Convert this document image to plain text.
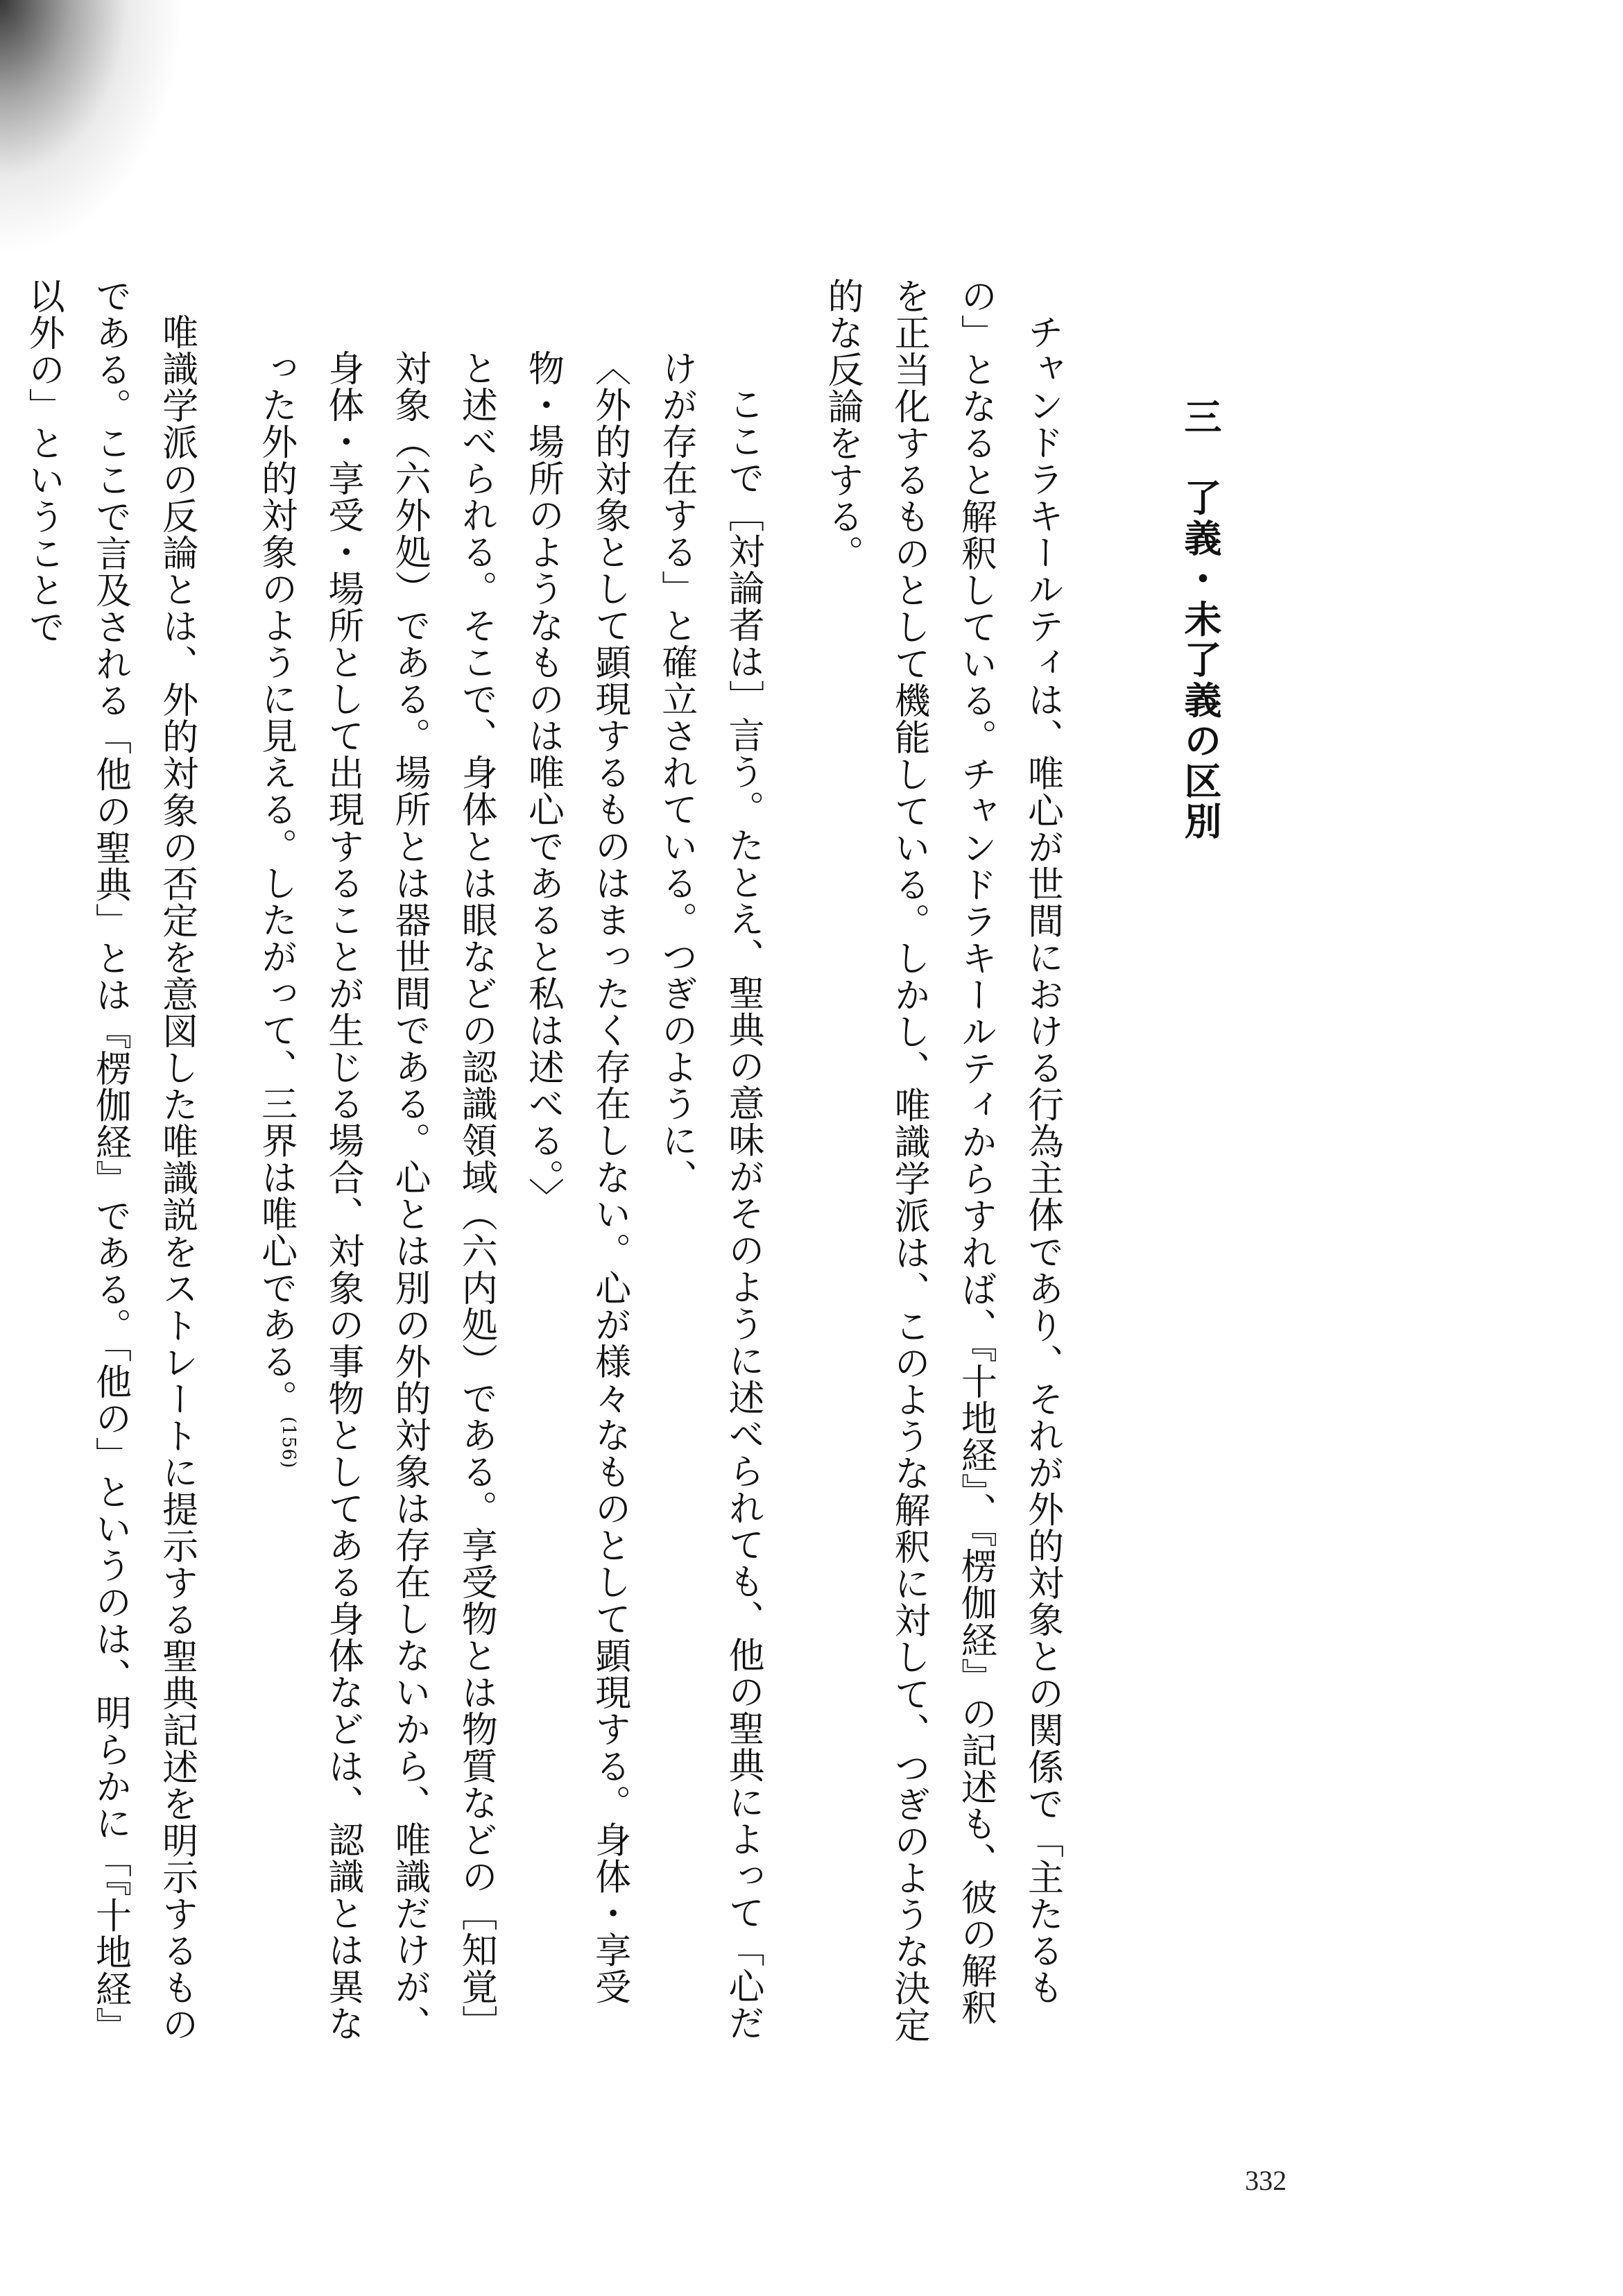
三　了義・未了義の区別

チャンドラキールティは、唯心が世間における行為主体であり、それが外的対象との関係で「主たるもの」となると解釈している。チャンドラキールティからすれば、『十地経』、『楞伽経』の記述も、彼の解釈を正当化するものとして機能している。しかし、唯識学派は、このような解釈に対して、つぎのような決定的な反論をする。

ここで［対論者は］言う。たとえ、聖典の意味がそのように述べられても、他の聖典によって「心だけが存在する」と確立されている。つぎのように、

〈外的対象として顕現するものはまったく存在しない。心が様々なものとして顕現する。身体・享受物・場所のようなものは唯心であると私は述べる。〉

と述べられる。そこで、身体とは眼などの認識領域（六内処）である。享受物とは物質などの［知覚］対象（六外処）である。場所とは器世間である。心とは別の外的対象は存在しないから、唯識だけが、身体・享受・場所として出現することが生じる場合、対象の事物としてある身体などは、認識とは異なった外的対象のように見える。したがって、三界は唯心である。$^{(156)}$

唯識学派の反論とは、外的対象の否定を意図した唯識説をストレートに提示する聖典記述を明示するものである。ここで言及される「他の聖典」とは『楞伽経』である。「他の」というのは、明らかに「『十地経』以外の」ということで

332
